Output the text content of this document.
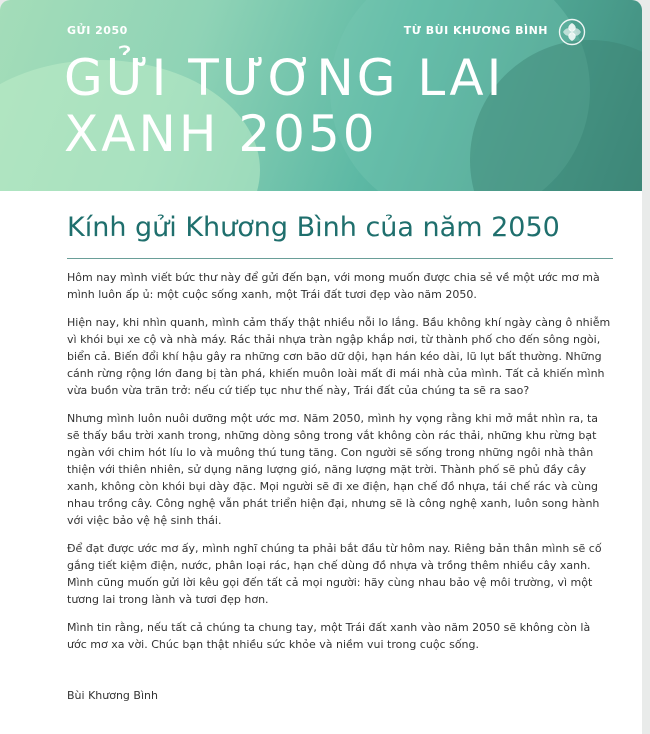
GỬI 2050	TỪ BÙI KHƯƠNG BÌNH
GỬI TƯƠNG LAI XANH 2050
Kính gửi Khương Bình của năm 2050

Hôm nay mình viết bức thư này để gửi đến bạn, với mong muốn được chia sẻ về một ước mơ mà mình luôn ấp ủ: một cuộc sống xanh, một Trái đất tươi đẹp vào năm 2050.

Hiện nay, khi nhìn quanh, mình cảm thấy thật nhiều nỗi lo lắng. Bầu không khí ngày càng ô nhiễm vì khói bụi xe cộ và nhà máy. Rác thải nhựa tràn ngập khắp nơi, từ thành phố cho đến sông ngòi, biển cả. Biến đổi khí hậu gây ra những cơn bão dữ dội, hạn hán kéo dài, lũ lụt bất thường. Những cánh rừng rộng lớn đang bị tàn phá, khiến muôn loài mất đi mái nhà của mình. Tất cả khiến mình vừa buồn vừa trăn trở: nếu cứ tiếp tục như thế này, Trái đất của chúng ta sẽ ra sao?

Nhưng mình luôn nuôi dưỡng một ước mơ. Năm 2050, mình hy vọng rằng khi mở mắt nhìn ra, ta sẽ thấy bầu trời xanh trong, những dòng sông trong vắt không còn rác thải, những khu rừng bạt ngàn với chim hót líu lo và muông thú tung tăng. Con người sẽ sống trong những ngôi nhà thân thiện với thiên nhiên, sử dụng năng lượng gió, năng lượng mặt trời. Thành phố sẽ phủ đầy cây xanh, không còn khói bụi dày đặc. Mọi người sẽ đi xe điện, hạn chế đồ nhựa, tái chế rác và cùng nhau trồng cây. Công nghệ vẫn phát triển hiện đại, nhưng sẽ là công nghệ xanh, luôn song hành với việc bảo vệ hệ sinh thái.

Để đạt được ước mơ ấy, mình nghĩ chúng ta phải bắt đầu từ hôm nay. Riêng bản thân mình sẽ cố gắng tiết kiệm điện, nước, phân loại rác, hạn chế dùng đồ nhựa và trồng thêm nhiều cây xanh. Mình cũng muốn gửi lời kêu gọi đến tất cả mọi người: hãy cùng nhau bảo vệ môi trường, vì một tương lai trong lành và tươi đẹp hơn.

Mình tin rằng, nếu tất cả chúng ta chung tay, một Trái đất xanh vào năm 2050 sẽ không còn là ước mơ xa vời. Chúc bạn thật nhiều sức khỏe và niềm vui trong cuộc sống.

Bùi Khương Bình
